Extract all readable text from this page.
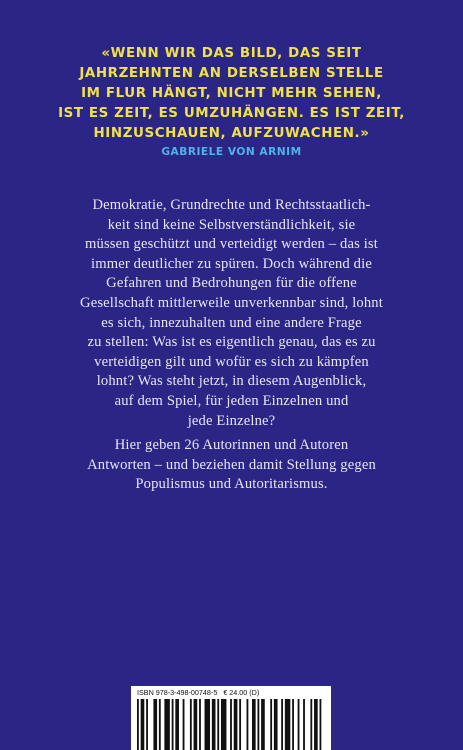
«WENN WIR DAS BILD, DAS SEIT
JAHRZEHNTEN AN DERSELBEN STELLE
IM FLUR HÄNGT, NICHT MEHR SEHEN,
IST ES ZEIT, ES UMZUHÄNGEN. ES IST ZEIT,
HINZUSCHAUEN, AUFZUWACHEN.»
GABRIELE VON ARNIM
Demokratie, Grundrechte und Rechtsstaatlich-
keit sind keine Selbstverständlichkeit, sie
müssen geschützt und verteidigt werden – das ist
immer deutlicher zu spüren. Doch während die
Gefahren und Bedrohungen für die offene
Gesellschaft mittlerweile unverkennbar sind, lohnt
es sich, innezuhalten und eine andere Frage
zu stellen: Was ist es eigentlich genau, das es zu
verteidigen gilt und wofür es sich zu kämpfen
lohnt? Was steht jetzt, in diesem Augenblick,
auf dem Spiel, für jeden Einzelnen und
jede Einzelne?
Hier geben 26 Autorinnen und Autoren
Antworten – und beziehen damit Stellung gegen
Populismus und Autoritarismus.
ISBN 978-3-498-00748-5 € 24.00 (D)
